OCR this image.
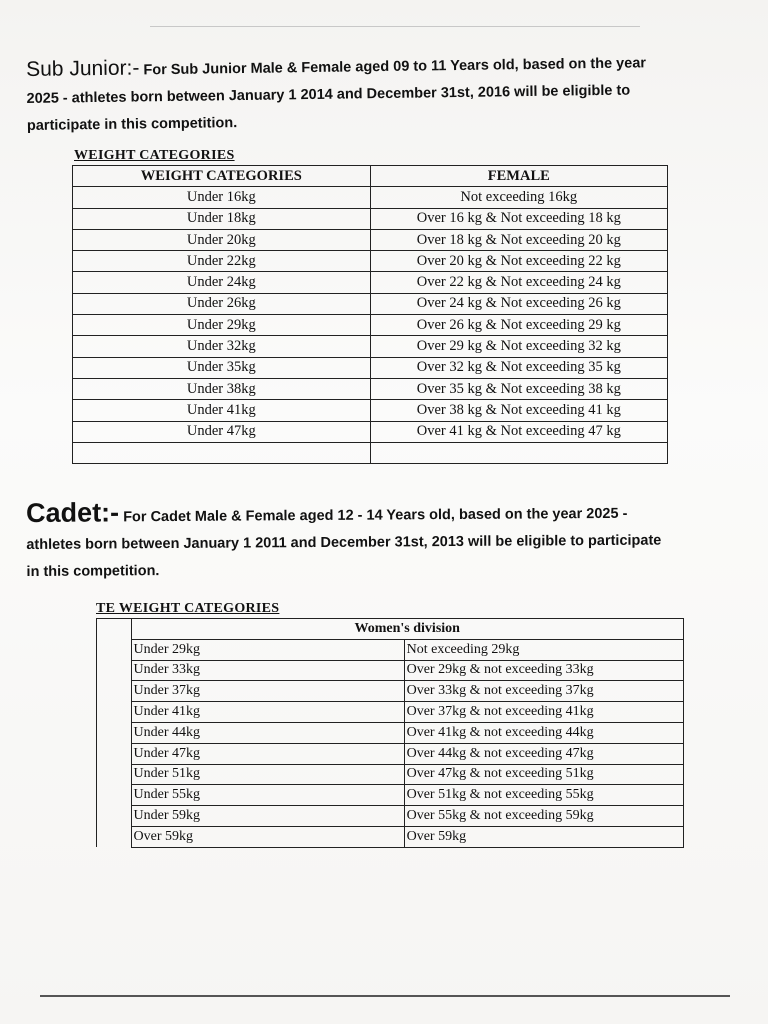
Sub Junior:- For Sub Junior Male & Female aged 09 to 11 Years old, based on the year
2025 - athletes born between January 1 2014 and December 31st, 2016 will be eligible to
participate in this competition.
WEIGHT CATEGORIES
WEIGHT CATEGORIES	FEMALE
Under 16kg	Not exceeding 16kg
Under 18kg	Over 16 kg & Not exceeding 18 kg
Under 20kg	Over 18 kg & Not exceeding 20 kg
Under 22kg	Over 20 kg & Not exceeding 22 kg
Under 24kg	Over 22 kg & Not exceeding 24 kg
Under 26kg	Over 24 kg & Not exceeding 26 kg
Under 29kg	Over 26 kg & Not exceeding 29 kg
Under 32kg	Over 29 kg & Not exceeding 32 kg
Under 35kg	Over 32 kg & Not exceeding 35 kg
Under 38kg	Over 35 kg & Not exceeding 38 kg
Under 41kg	Over 38 kg & Not exceeding 41 kg
Under 47kg	Over 41 kg & Not exceeding 47 kg

Cadet:- For Cadet Male & Female aged 12 - 14 Years old, based on the year 2025 -
athletes born between January 1 2011 and December 31st, 2013 will be eligible to participate
in this competition.
TE WEIGHT CATEGORIES
	Women's division	
	Under 29kg	Not exceeding 29kg
	Under 33kg	Over 29kg & not exceeding 33kg
	Under 37kg	Over 33kg & not exceeding 37kg
	Under 41kg	Over 37kg & not exceeding 41kg
	Under 44kg	Over 41kg & not exceeding 44kg
	Under 47kg	Over 44kg & not exceeding 47kg
	Under 51kg	Over 47kg & not exceeding 51kg
	Under 55kg	Over 51kg & not exceeding 55kg
	Under 59kg	Over 55kg & not exceeding 59kg
	Over 59kg	Over 59kg
